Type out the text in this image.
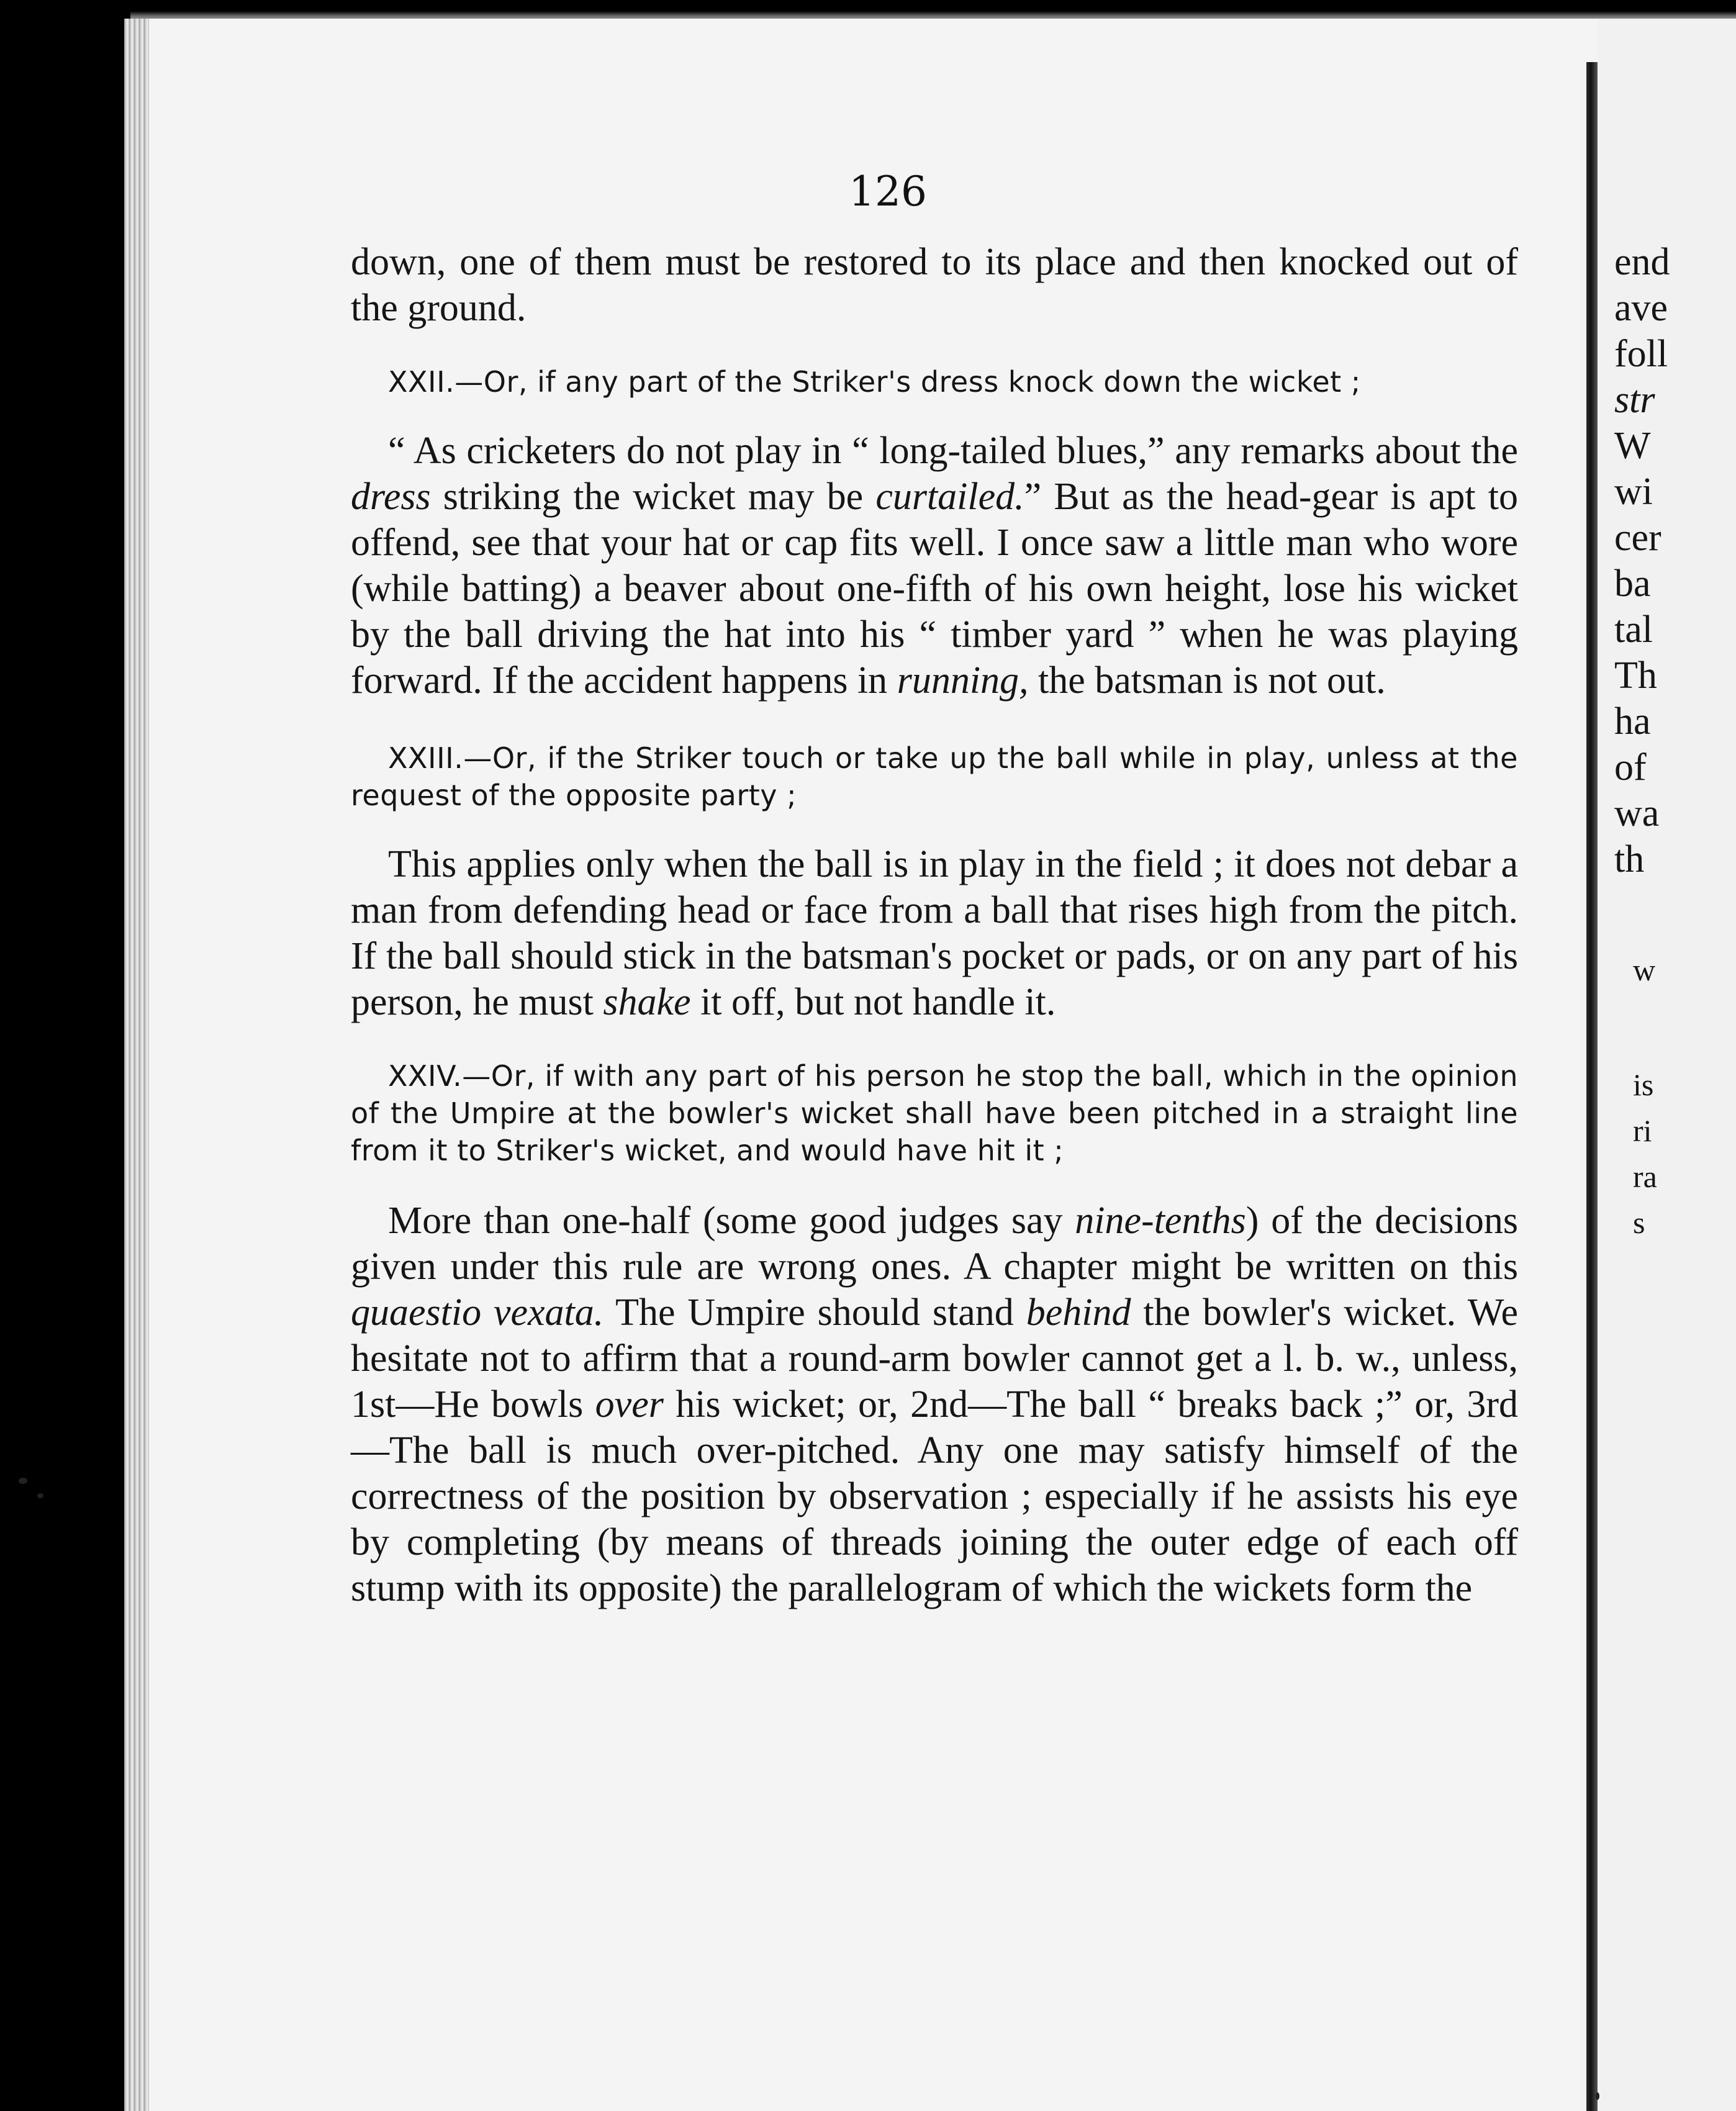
126

down, one of them must be restored to its place and then knocked out of the ground.

XXII.—Or, if any part of the Striker's dress knock down the wicket ;

“ As cricketers do not play in “ long-tailed blues,” any remarks about the dress striking the wicket may be curtailed.” But as the head-gear is apt to offend, see that your hat or cap fits well. I once saw a little man who wore (while batting) a beaver about one-fifth of his own height, lose his wicket by the ball driving the hat into his “ timber yard ” when he was playing forward. If the accident happens in running, the batsman is not out.

XXIII.—Or, if the Striker touch or take up the ball while in play, unless at the request of the opposite party ;

This applies only when the ball is in play in the field ; it does not debar a man from defending head or face from a ball that rises high from the pitch. If the ball should stick in the batsman's pocket or pads, or on any part of his person, he must shake it off, but not handle it.

XXIV.—Or, if with any part of his person he stop the ball, which in the opinion of the Umpire at the bowler's wicket shall have been pitched in a straight line from it to Striker's wicket, and would have hit it ;

More than one-half (some good judges say nine-tenths) of the decisions given under this rule are wrong ones. A chapter might be written on this quaestio vexata. The Umpire should stand behind the bowler's wicket. We hesitate not to affirm that a round-arm bowler cannot get a l. b. w., unless, 1st—He bowls over his wicket; or, 2nd—The ball “ breaks back ;” or, 3rd—The ball is much over-pitched. Any one may satisfy himself of the correctness of the position by observation ; especially if he assists his eye by completing (by means of threads joining the outer edge of each off stump with its opposite) the parallelogram of which the wickets form the

end
ave
foll
str
W
wi
cer
ba
tal
Th
ha
of
wa
th
w
is
ri
ra
s
